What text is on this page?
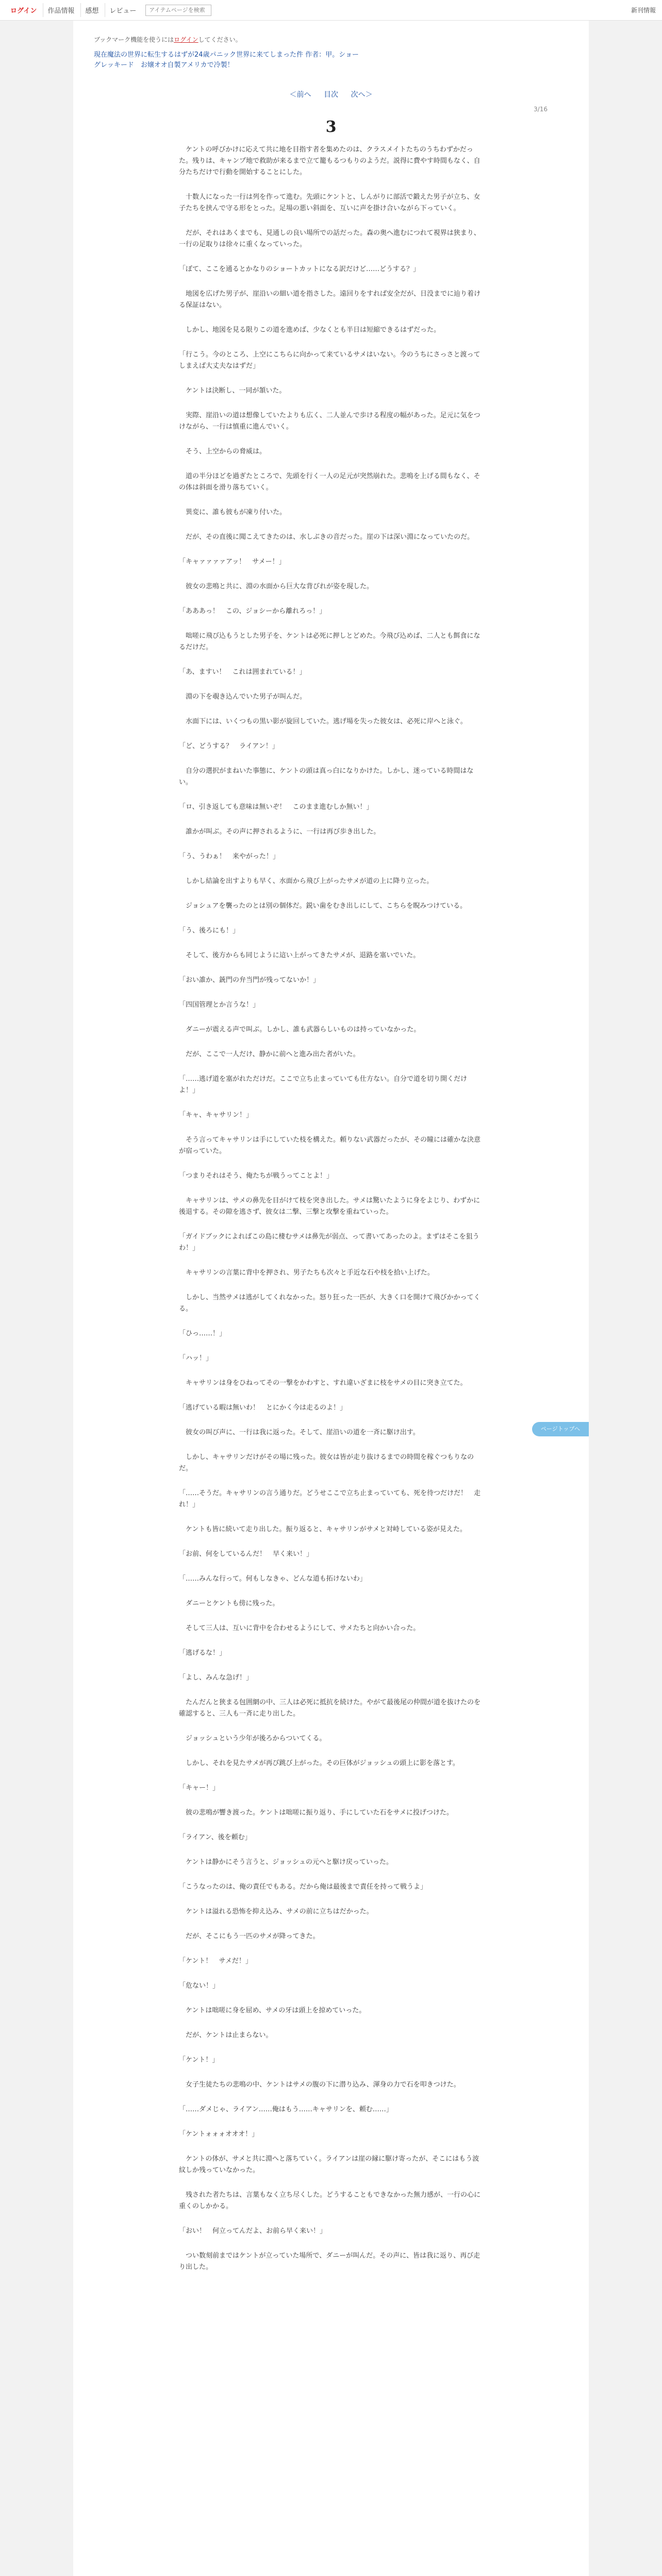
ログイン	作品情報	感想	レビュー
アイテムページを検索	新刊情報
ブックマーク機能を使うにはログインしてください。
現在魔法の世界に転生するはずが24歳パニック世界に来てしまった件 作者：甲。ショーグレッキード　お嬢オオ自製アメリカで冷製！
＜前へ 目次 次へ＞
3/16
3

ケントの呼びかけに応えて共に地を目指す者を集めたのは、クラスメイトたちのうちわずかだった。残りは、キャンプ地で救助が来るまで立て籠もるつもりのようだ。説得に費やす時間もなく、自分たちだけで行動を開始することにした。

十数人になった一行は列を作って進む。先頭にケントと、しんがりに部活で鍛えた男子が立ち、女子たちを挟んで守る形をとった。足場の悪い斜面を、互いに声を掛け合いながら下っていく。

だが、それはあくまでも、見通しの良い場所での話だった。森の奥へ進むにつれて視界は狭まり、一行の足取りは徐々に重くなっていった。

「ぼて、ここを通るとかなりのショートカットになる訳だけど……どうする？」

地図を広げた男子が、崖沿いの細い道を指さした。遠回りをすれば安全だが、日没までに辿り着ける保証はない。

しかし、地図を見る限りこの道を進めば、少なくとも半日は短縮できるはずだった。

「行こう。今のところ、上空にこちらに向かって来ているサメはいない。今のうちにさっさと渡ってしまえば大丈夫なはずだ」

ケントは決断し、一同が頷いた。

実際、崖沿いの道は想像していたよりも広く、二人並んで歩ける程度の幅があった。足元に気をつけながら、一行は慎重に進んでいく。

そう、上空からの脅威は。

道の半分ほどを過ぎたところで、先頭を行く一人の足元が突然崩れた。悲鳴を上げる間もなく、その体は斜面を滑り落ちていく。

異変に、誰も彼もが凍り付いた。

だが、その直後に聞こえてきたのは、水しぶきの音だった。崖の下は深い淵になっていたのだ。

「キャァァァァアッ！　サメー！」

彼女の悲鳴と共に、淵の水面から巨大な背びれが姿を現した。

「あああっ！　この、ジョシーから離れろっ！」

咄嗟に飛び込もうとした男子を、ケントは必死に押しとどめた。今飛び込めば、二人とも餌食になるだけだ。

「あ、ますい！　これは囲まれている！」

淵の下を覗き込んでいた男子が叫んだ。

水面下には、いくつもの黒い影が旋回していた。逃げ場を失った彼女は、必死に岸へと泳ぐ。

「ど、どうする？　ライアン！」

自分の選択がまねいた事態に、ケントの頭は真っ白になりかけた。しかし、迷っている時間はない。

「ロ、引き返しても意味は無いぞ！　このまま進むしか無い！」

誰かが叫ぶ。その声に押されるように、一行は再び歩き出した。

「う、うわぁ！　来やがった！」

しかし結論を出すよりも早く、水面から飛び上がったサメが道の上に降り立った。

ジョシュアを襲ったのとは別の個体だ。鋭い歯をむき出しにして、こちらを睨みつけている。

「う、後ろにも！」

そして、後方からも同じように這い上がってきたサメが、退路を塞いでいた。

「おい誰か、銃門の弁当門が残ってないか！」

「四国管理とか言うな！」

ダニーが震える声で叫ぶ。しかし、誰も武器らしいものは持っていなかった。

だが、ここで一人だけ、静かに前へと進み出た者がいた。

「……逃げ道を塞がれただけだ。ここで立ち止まっていても仕方ない。自分で道を切り開くだけよ！」

「キャ、キャサリン！」

そう言ってキャサリンは手にしていた枝を構えた。頼りない武器だったが、その瞳には確かな決意が宿っていた。

「つまりそれはそう、俺たちが戦うってことよ！」

キャサリンは、サメの鼻先を目がけて枝を突き出した。サメは驚いたように身をよじり、わずかに後退する。その隙を逃さず、彼女は二撃、三撃と攻撃を重ねていった。

「ガイドブックによればこの島に棲むサメは鼻先が弱点、って書いてあったのよ。まずはそこを狙うわ！」

キャサリンの言葉に背中を押され、男子たちも次々と手近な石や枝を拾い上げた。

しかし、当然サメは逃がしてくれなかった。怒り狂った一匹が、大きく口を開けて飛びかかってくる。

「ひっ……！」

「ハッ！」

キャサリンは身をひねってその一撃をかわすと、すれ違いざまに枝をサメの目に突き立てた。

「逃げている暇は無いわ！　とにかく今は走るのよ！」

彼女の叫び声に、一行は我に返った。そして、崖沿いの道を一斉に駆け出す。

しかし、キャサリンだけがその場に残った。彼女は皆が走り抜けるまでの時間を稼ぐつもりなのだ。

「……そうだ。キャサリンの言う通りだ。どうせここで立ち止まっていても、死を待つだけだ！　走れ！」

ケントも皆に続いて走り出した。振り返ると、キャサリンがサメと対峙している姿が見えた。

「お前、何をしているんだ！　早く来い！」

「……みんな行って。何もしなきゃ、どんな道も拓けないわ」

ダニーとケントも傍に残った。

そして三人は、互いに背中を合わせるようにして、サメたちと向かい合った。

「逃げるな！」

「よし、みんな急げ！」

たんだんと狭まる包囲網の中、三人は必死に抵抗を続けた。やがて最後尾の仲間が道を抜けたのを確認すると、三人も一斉に走り出した。

ジョッシュという少年が後ろからついてくる。

しかし、それを見たサメが再び跳び上がった。その巨体がジョッシュの頭上に影を落とす。

「キャー！」

彼の悲鳴が響き渡った。ケントは咄嗟に振り返り、手にしていた石をサメに投げつけた。

「ライアン、後を頼む」

ケントは静かにそう言うと、ジョッシュの元へと駆け戻っていった。

「こうなったのは、俺の責任でもある。だから俺は最後まで責任を持って戦うよ」

ケントは溢れる恐怖を抑え込み、サメの前に立ちはだかった。

だが、そこにもう一匹のサメが降ってきた。

「ケント！　サメだ！」

「危ない！」

ケントは咄嗟に身を屈め、サメの牙は頭上を掠めていった。

だが、ケントは止まらない。

「ケント！」

女子生徒たちの悲鳴の中、ケントはサメの腹の下に潜り込み、渾身の力で石を叩きつけた。

「……ダメじゃ、ライアン……俺はもう……キャサリンを、頼む……」

「ケントォォォオオオ！」

ケントの体が、サメと共に淵へと落ちていく。ライアンは崖の縁に駆け寄ったが、そこにはもう波紋しか残っていなかった。

残された者たちは、言葉もなく立ち尽くした。どうすることもできなかった無力感が、一行の心に重くのしかかる。

「おい！　何立ってんだよ、お前ら早く来い！」

つい数刻前まではケントが立っていた場所で、ダニーが叫んだ。その声に、皆は我に返り、再び走り出した。

ページトップへ
